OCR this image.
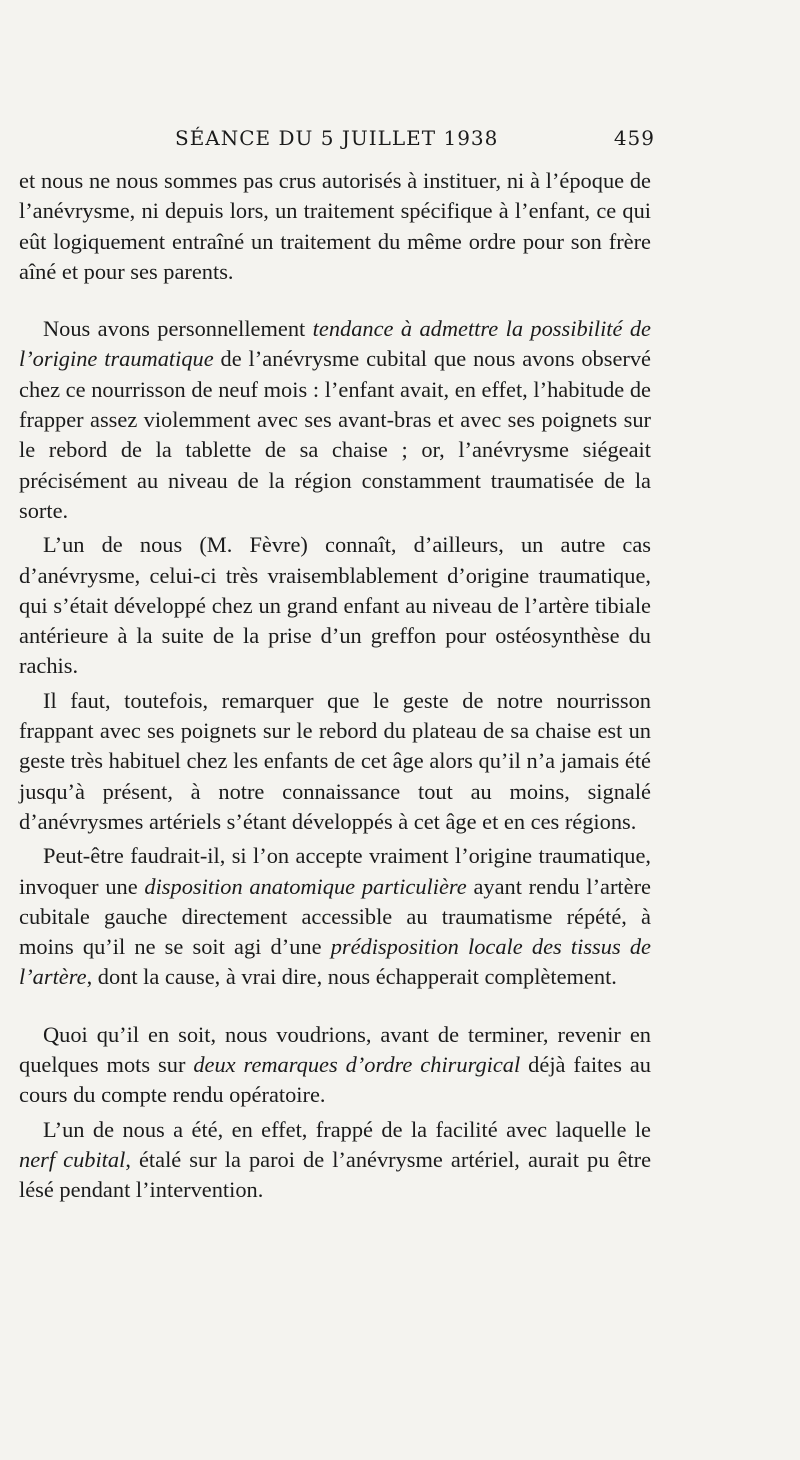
SÉANCE DU 5 JUILLET 1938	459

et nous ne nous sommes pas crus autorisés à instituer, ni à l’époque de l’anévrysme, ni depuis lors, un traitement spécifique à l’enfant, ce qui eût logiquement entraîné un traitement du même ordre pour son frère aîné et pour ses parents.

Nous avons personnellement tendance à admettre la possibilité de l’origine traumatique de l’anévrysme cubital que nous avons observé chez ce nourrisson de neuf mois : l’enfant avait, en effet, l’habitude de frapper assez violemment avec ses avant-bras et avec ses poignets sur le rebord de la tablette de sa chaise ; or, l’anévrysme siégeait précisément au niveau de la région constamment traumatisée de la sorte.

L’un de nous (M. Fèvre) connaît, d’ailleurs, un autre cas d’anévrysme, celui-ci très vraisemblablement d’origine traumatique, qui s’était développé chez un grand enfant au niveau de l’artère tibiale antérieure à la suite de la prise d’un greffon pour ostéosynthèse du rachis.

Il faut, toutefois, remarquer que le geste de notre nourrisson frappant avec ses poignets sur le rebord du plateau de sa chaise est un geste très habituel chez les enfants de cet âge alors qu’il n’a jamais été jusqu’à présent, à notre connaissance tout au moins, signalé d’anévrysmes artériels s’étant développés à cet âge et en ces régions.

Peut-être faudrait-il, si l’on accepte vraiment l’origine traumatique, invoquer une disposition anatomique particulière ayant rendu l’artère cubitale gauche directement accessible au traumatisme répété, à moins qu’il ne se soit agi d’une prédisposition locale des tissus de l’artère, dont la cause, à vrai dire, nous échapperait complètement.

Quoi qu’il en soit, nous voudrions, avant de terminer, revenir en quelques mots sur deux remarques d’ordre chirurgical déjà faites au cours du compte rendu opératoire.

L’un de nous a été, en effet, frappé de la facilité avec laquelle le nerf cubital, étalé sur la paroi de l’anévrysme artériel, aurait pu être lésé pendant l’intervention.
